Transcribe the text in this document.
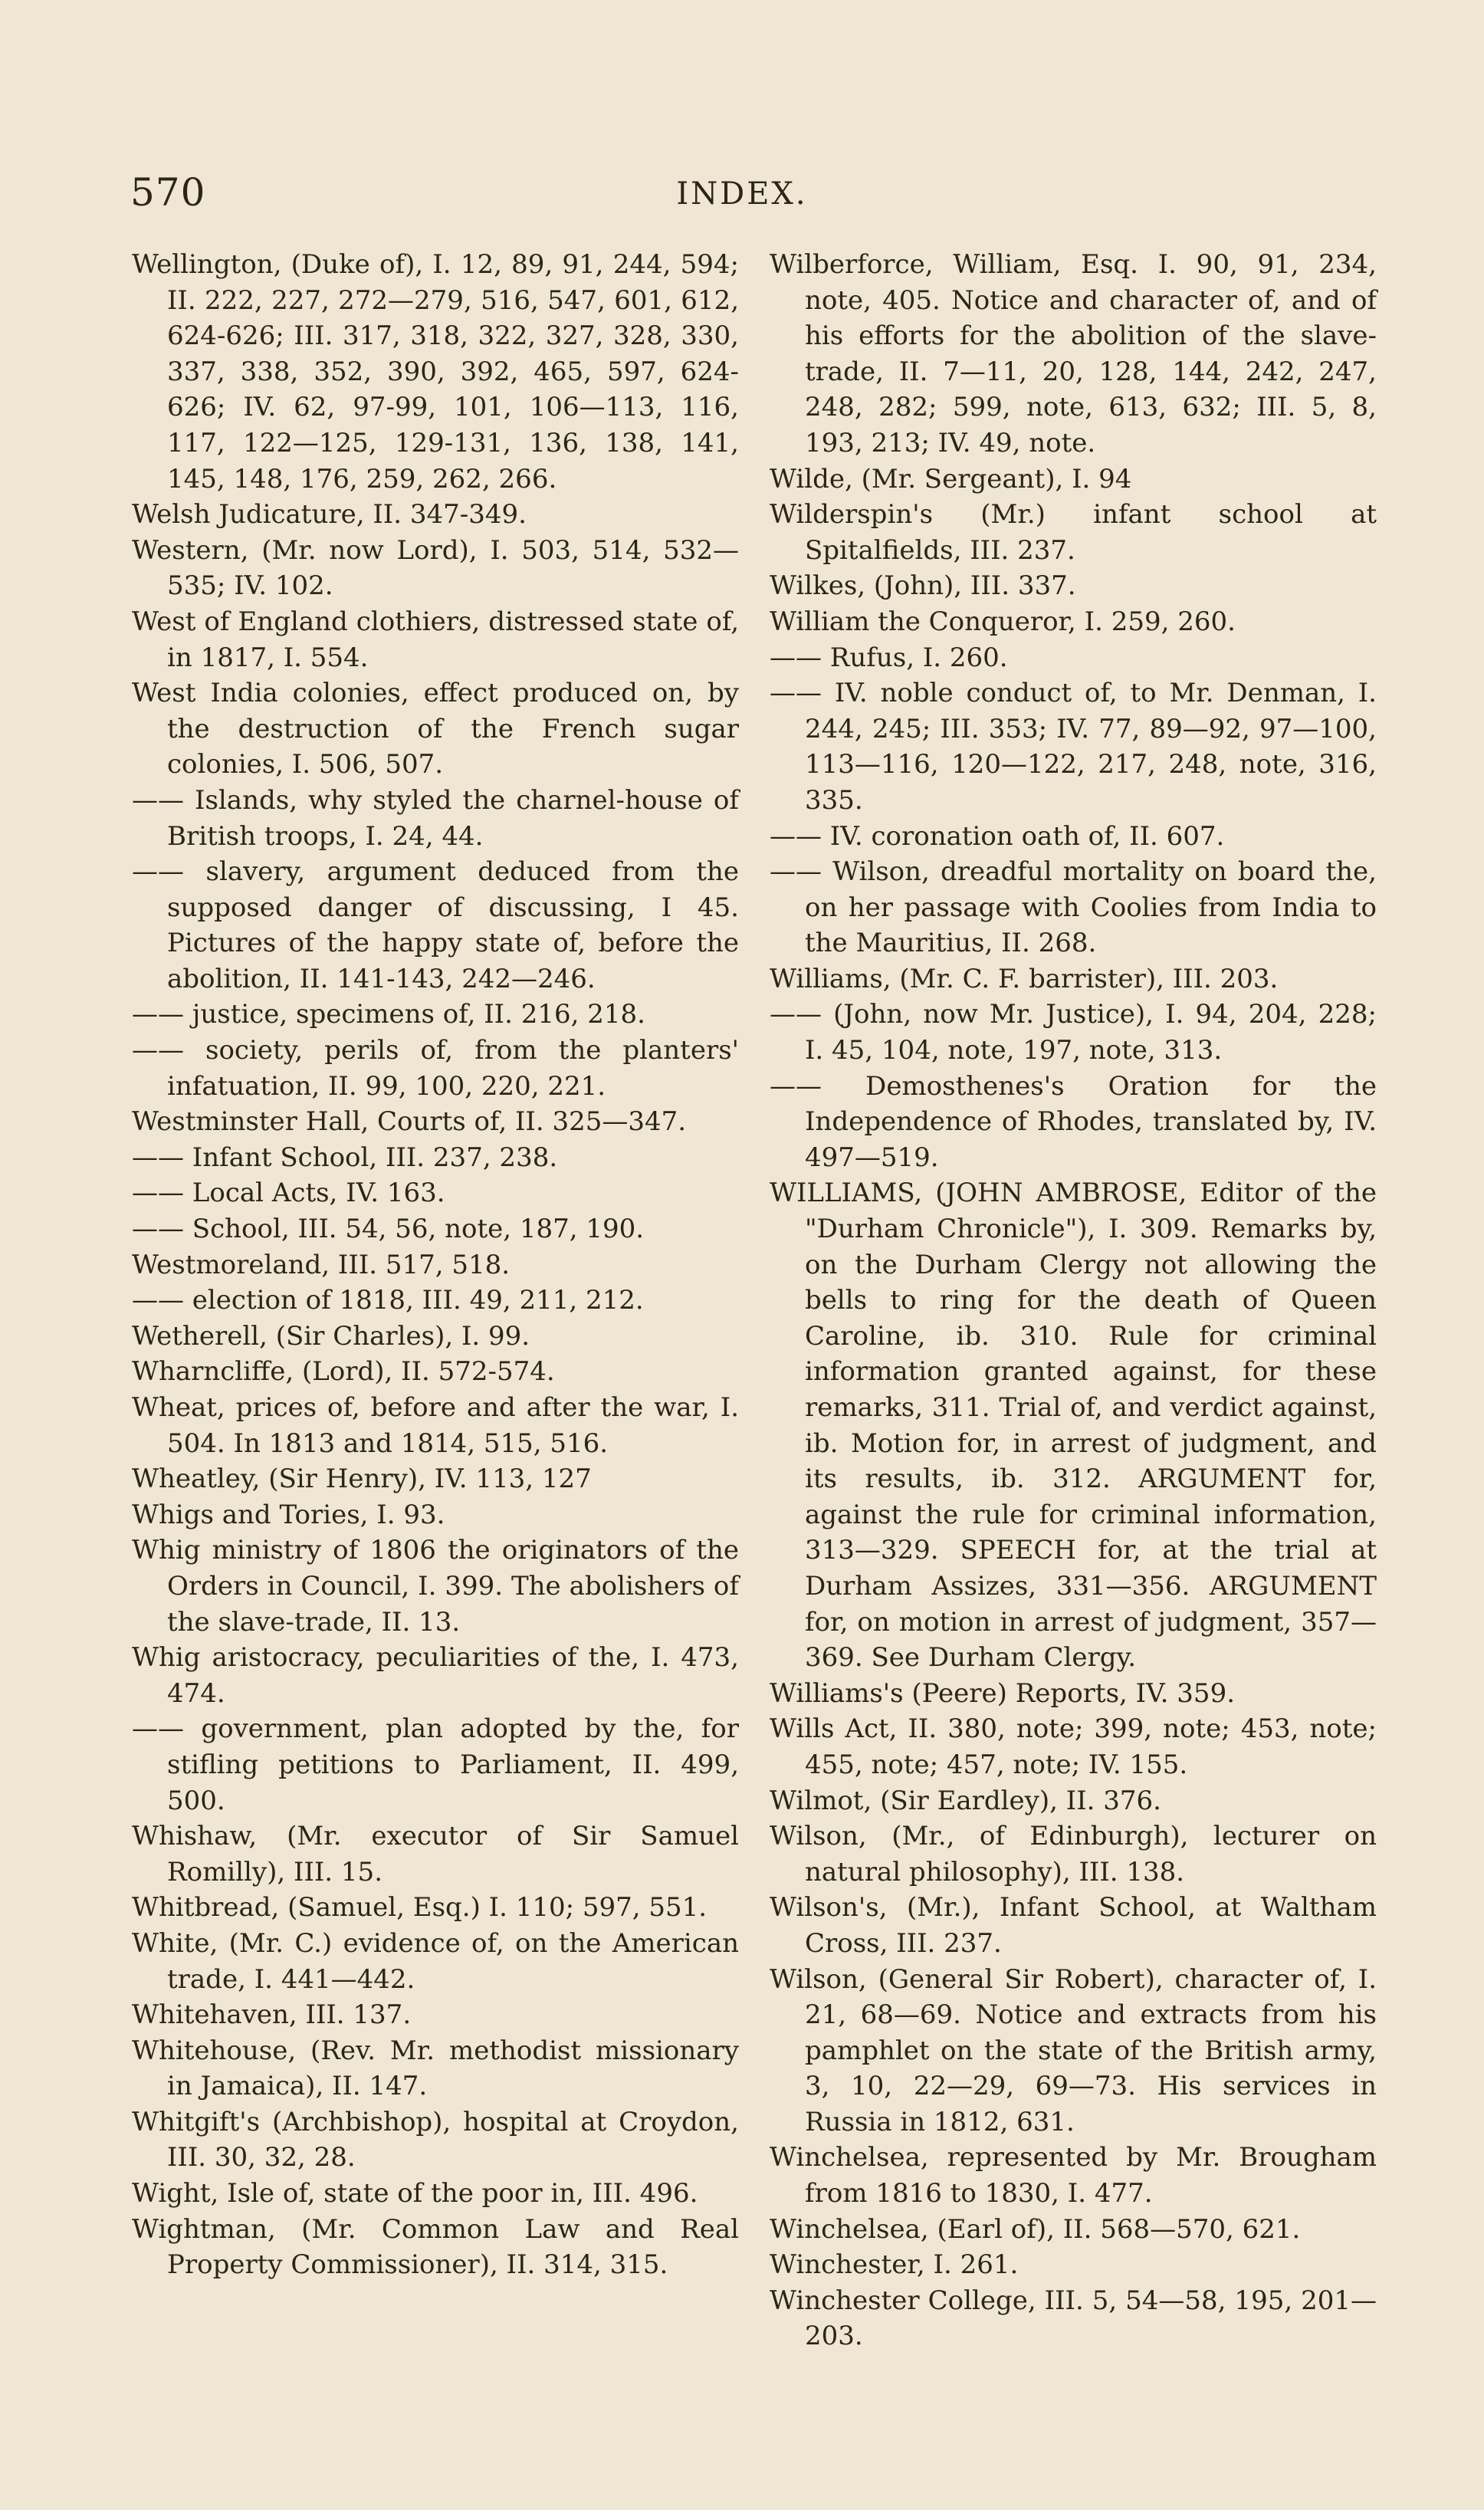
570	INDEX.
Wellington, (Duke of), I. 12, 89, 91, 244, 594; II. 222, 227, 272—279, 516, 547, 601, 612, 624-626; III. 317, 318, 322, 327, 328, 330, 337, 338, 352, 390, 392, 465, 597, 624-626; IV. 62, 97-99, 101, 106—113, 116, 117, 122—125, 129-131, 136, 138, 141, 145, 148, 176, 259, 262, 266.
Welsh Judicature, II. 347-349.
Western, (Mr. now Lord), I. 503, 514, 532—535; IV. 102.
West of England clothiers, distressed state of, in 1817, I. 554.
West India colonies, effect produced on, by the destruction of the French sugar colonies, I. 506, 507.
—— Islands, why styled the charnel-house of British troops, I. 24, 44.
—— slavery, argument deduced from the supposed danger of discussing, I 45. Pictures of the happy state of, before the abolition, II. 141-143, 242—246.
—— justice, specimens of, II. 216, 218.
—— society, perils of, from the planters' infatuation, II. 99, 100, 220, 221.
Westminster Hall, Courts of, II. 325—347.
—— Infant School, III. 237, 238.
—— Local Acts, IV. 163.
—— School, III. 54, 56, note, 187, 190.
Westmoreland, III. 517, 518.
—— election of 1818, III. 49, 211, 212.
Wetherell, (Sir Charles), I. 99.
Wharncliffe, (Lord), II. 572-574.
Wheat, prices of, before and after the war, I. 504. In 1813 and 1814, 515, 516.
Wheatley, (Sir Henry), IV. 113, 127
Whigs and Tories, I. 93.
Whig ministry of 1806 the originators of the Orders in Council, I. 399. The abolishers of the slave-trade, II. 13.
Whig aristocracy, peculiarities of the, I. 473, 474.
—— government, plan adopted by the, for stifling petitions to Parliament, II. 499, 500.
Whishaw, (Mr. executor of Sir Samuel Romilly), III. 15.
Whitbread, (Samuel, Esq.) I. 110; 597, 551.
White, (Mr. C.) evidence of, on the American trade, I. 441—442.
Whitehaven, III. 137.
Whitehouse, (Rev. Mr. methodist missionary in Jamaica), II. 147.
Whitgift's (Archbishop), hospital at Croydon, III. 30, 32, 28.
Wight, Isle of, state of the poor in, III. 496.
Wightman, (Mr. Common Law and Real Property Commissioner), II. 314, 315.
Wilberforce, William, Esq. I. 90, 91, 234, note, 405. Notice and character of, and of his efforts for the abolition of the slave-trade, II. 7—11, 20, 128, 144, 242, 247, 248, 282; 599, note, 613, 632; III. 5, 8, 193, 213; IV. 49, note.
Wilde, (Mr. Sergeant), I. 94
Wilderspin's (Mr.) infant school at Spitalfields, III. 237.
Wilkes, (John), III. 337.
William the Conqueror, I. 259, 260.
—— Rufus, I. 260.
—— IV. noble conduct of, to Mr. Denman, I. 244, 245; III. 353; IV. 77, 89—92, 97—100, 113—116, 120—122, 217, 248, note, 316, 335.
—— IV. coronation oath of, II. 607.
—— Wilson, dreadful mortality on board the, on her passage with Coolies from India to the Mauritius, II. 268.
Williams, (Mr. C. F. barrister), III. 203.
—— (John, now Mr. Justice), I. 94, 204, 228; I. 45, 104, note, 197, note, 313.
—— Demosthenes's Oration for the Independence of Rhodes, translated by, IV. 497—519.
WILLIAMS, (JOHN AMBROSE, Editor of the "Durham Chronicle"), I. 309. Remarks by, on the Durham Clergy not allowing the bells to ring for the death of Queen Caroline, ib. 310. Rule for criminal information granted against, for these remarks, 311. Trial of, and verdict against, ib. Motion for, in arrest of judgment, and its results, ib. 312. ARGUMENT for, against the rule for criminal information, 313—329. SPEECH for, at the trial at Durham Assizes, 331—356. ARGUMENT for, on motion in arrest of judgment, 357—369. See Durham Clergy.
Williams's (Peere) Reports, IV. 359.
Wills Act, II. 380, note; 399, note; 453, note; 455, note; 457, note; IV. 155.
Wilmot, (Sir Eardley), II. 376.
Wilson, (Mr., of Edinburgh), lecturer on natural philosophy), III. 138.
Wilson's, (Mr.), Infant School, at Waltham Cross, III. 237.
Wilson, (General Sir Robert), character of, I. 21, 68—69. Notice and extracts from his pamphlet on the state of the British army, 3, 10, 22—29, 69—73. His services in Russia in 1812, 631.
Winchelsea, represented by Mr. Brougham from 1816 to 1830, I. 477.
Winchelsea, (Earl of), II. 568—570, 621.
Winchester, I. 261.
Winchester College, III. 5, 54—58, 195, 201—203.
